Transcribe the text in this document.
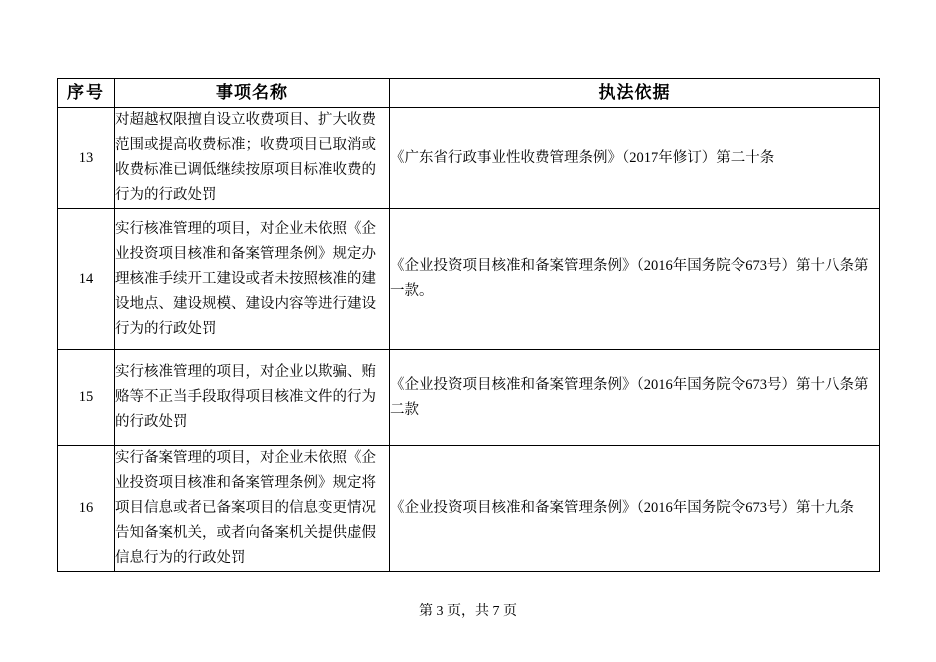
序号	事项名称	执法依据
13	对超越权限擅自设立收费项目、扩大收费范围或提高收费标准；收费项目已取消或收费标准已调低继续按原项目标准收费的行为的行政处罚	《广东省行政事业性收费管理条例》（2017年修订）第二十条
14	实行核准管理的项目，对企业未依照《企业投资项目核准和备案管理条例》规定办理核准手续开工建设或者未按照核准的建设地点、建设规模、建设内容等进行建设行为的行政处罚	《企业投资项目核准和备案管理条例》（2016年国务院令673号）第十八条第一款。
15	实行核准管理的项目，对企业以欺骗、贿赂等不正当手段取得项目核准文件的行为的行政处罚	《企业投资项目核准和备案管理条例》（2016年国务院令673号）第十八条第二款
16	实行备案管理的项目，对企业未依照《企业投资项目核准和备案管理条例》规定将项目信息或者已备案项目的信息变更情况告知备案机关，或者向备案机关提供虚假信息行为的行政处罚	《企业投资项目核准和备案管理条例》（2016年国务院令673号）第十九条
第 3 页，共 7 页
